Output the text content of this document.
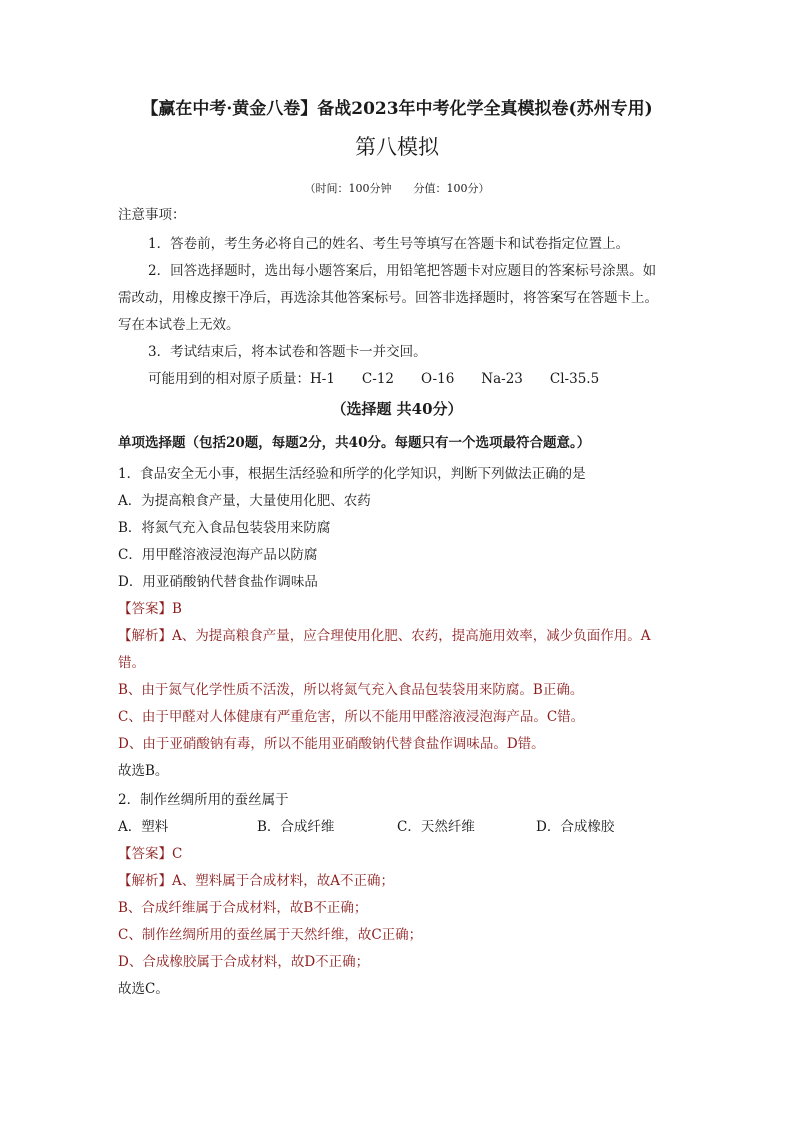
【赢在中考·黄金八卷】备战2023年中考化学全真模拟卷(苏州专用)
第八模拟
（时间：100分钟　　分值：100分）
注意事项：
1．答卷前，考生务必将自己的姓名、考生号等填写在答题卡和试卷指定位置上。
2．回答选择题时，选出每小题答案后，用铅笔把答题卡对应题目的答案标号涂黑。如
需改动，用橡皮擦干净后，再选涂其他答案标号。回答非选择题时，将答案写在答题卡上。
写在本试卷上无效。
3．考试结束后，将本试卷和答题卡一并交回。
可能用到的相对原子质量：H-1　　C-12　　O-16　　Na-23　　Cl-35.5
（选择题 共40分）
单项选择题（包括20题，每题2分，共40分。每题只有一个选项最符合题意。）
1．食品安全无小事，根据生活经验和所学的化学知识，判断下列做法正确的是
A．为提高粮食产量，大量使用化肥、农药
B．将氮气充入食品包装袋用来防腐
C．用甲醛溶液浸泡海产品以防腐
D．用亚硝酸钠代替食盐作调味品
【答案】B
【解析】A、为提高粮食产量，应合理使用化肥、农药，提高施用效率，减少负面作用。A
错。
B、由于氮气化学性质不活泼，所以将氮气充入食品包装袋用来防腐。B正确。
C、由于甲醛对人体健康有严重危害，所以不能用甲醛溶液浸泡海产品。C错。
D、由于亚硝酸钠有毒，所以不能用亚硝酸钠代替食盐作调味品。D错。
故选B。
2．制作丝绸所用的蚕丝属于
A．塑料	B．合成纤维	C．天然纤维	D．合成橡胶
【答案】C
【解析】A、塑料属于合成材料，故A不正确；
B、合成纤维属于合成材料，故B不正确；
C、制作丝绸所用的蚕丝属于天然纤维，故C正确；
D、合成橡胶属于合成材料，故D不正确；
故选C。
